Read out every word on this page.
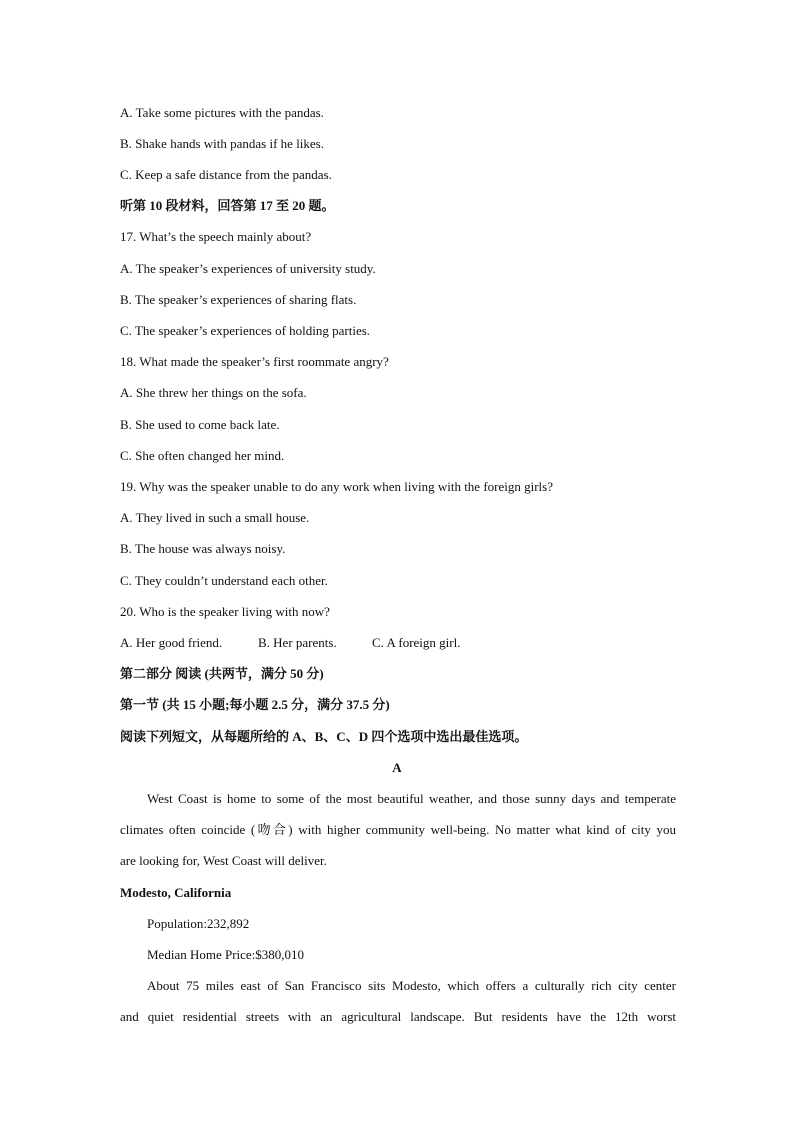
A. Take some pictures with the pandas.
B. Shake hands with pandas if he likes.
C. Keep a safe distance from the pandas.
听第 10 段材料，回答第 17 至 20 题。
17. What’s the speech mainly about?
A. The speaker’s experiences of university study.
B. The speaker’s experiences of sharing flats.
C. The speaker’s experiences of holding parties.
18. What made the speaker’s first roommate angry?
A. She threw her things on the sofa.
B. She used to come back late.
C. She often changed her mind.
19. Why was the speaker unable to do any work when living with the foreign girls?
A. They lived in such a small house.
B. The house was always noisy.
C. They couldn’t understand each other.
20. Who is the speaker living with now?
A. Her good friend.	B. Her parents.	C. A foreign girl.
第二部分 阅读 (共两节，满分 50 分)
第一节 (共 15 小题;每小题 2.5 分，满分 37.5 分)
阅读下列短文，从每题所给的 A、B、C、D 四个选项中选出最佳选项。
A
West Coast is home to some of the most beautiful weather, and those sunny days and temperate
climates often coincide (吻合) with higher community well-being. No matter what kind of city you
are looking for, West Coast will deliver.
Modesto, California
Population:232,892
Median Home Price:$380,010
About 75 miles east of San Francisco sits Modesto, which offers a culturally rich city center
and quiet residential streets with an agricultural landscape. But residents have the 12th worst
